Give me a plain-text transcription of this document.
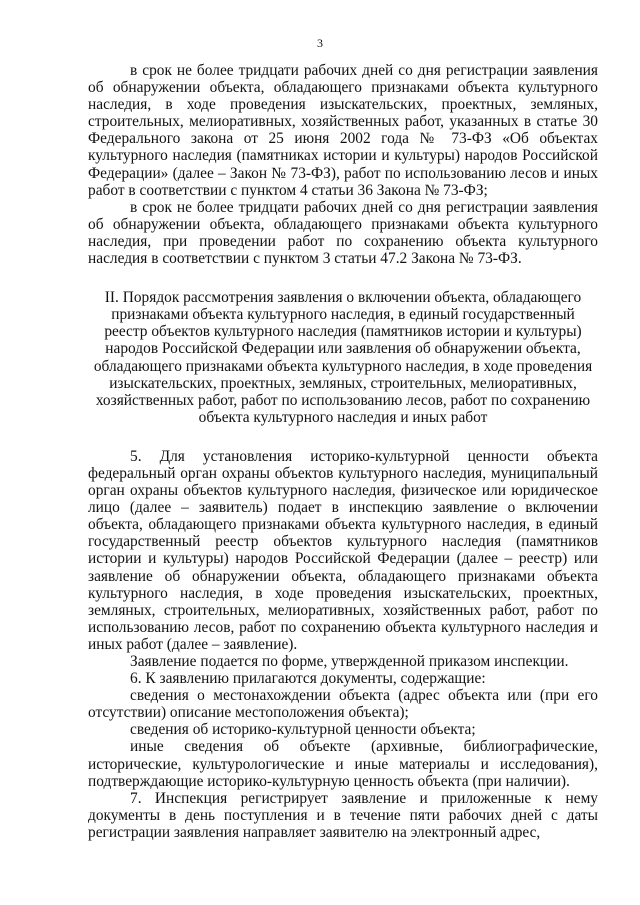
3

в срок не более тридцати рабочих дней со дня регистрации заявления об обнаружении объекта, обладающего признаками объекта культурного наследия, в ходе проведения изыскательских, проектных, земляных, строительных, мелиоративных, хозяйственных работ, указанных в статье 30 Федерального закона от 25 июня 2002 года № 73-ФЗ «Об объектах культурного наследия (памятниках истории и культуры) народов Российской Федерации» (далее – Закон № 73-ФЗ), работ по использованию лесов и иных работ в соответствии с пунктом 4 статьи 36 Закона № 73-ФЗ;

в срок не более тридцати рабочих дней со дня регистрации заявления об обнаружении объекта, обладающего признаками объекта культурного наследия, при проведении работ по сохранению объекта культурного наследия в соответствии с пунктом 3 статьи 47.2 Закона № 73-ФЗ.

II. Порядок рассмотрения заявления о включении объекта, обладающего признаками объекта культурного наследия, в единый государственный реестр объектов культурного наследия (памятников истории и культуры) народов Российской Федерации или заявления об обнаружении объекта, обладающего признаками объекта культурного наследия, в ходе проведения изыскательских, проектных, земляных, строительных, мелиоративных, хозяйственных работ, работ по использованию лесов, работ по сохранению объекта культурного наследия и иных работ

5. Для установления историко-культурной ценности объекта федеральный орган охраны объектов культурного наследия, муниципальный орган охраны объектов культурного наследия, физическое или юридическое лицо (далее – заявитель) подает в инспекцию заявление о включении объекта, обладающего признаками объекта культурного наследия, в единый государственный реестр объектов культурного наследия (памятников истории и культуры) народов Российской Федерации (далее – реестр) или заявление об обнаружении объекта, обладающего признаками объекта культурного наследия, в ходе проведения изыскательских, проектных, земляных, строительных, мелиоративных, хозяйственных работ, работ по использованию лесов, работ по сохранению объекта культурного наследия и иных работ (далее – заявление).

Заявление подается по форме, утвержденной приказом инспекции.

6. К заявлению прилагаются документы, содержащие:

сведения о местонахождении объекта (адрес объекта или (при его отсутствии) описание местоположения объекта);

сведения об историко-культурной ценности объекта;

иные сведения об объекте (архивные, библиографические, исторические, культурологические и иные материалы и исследования), подтверждающие историко-культурную ценность объекта (при наличии).

7. Инспекция регистрирует заявление и приложенные к нему документы в день поступления и в течение пяти рабочих дней с даты регистрации заявления направляет заявителю на электронный адрес,
